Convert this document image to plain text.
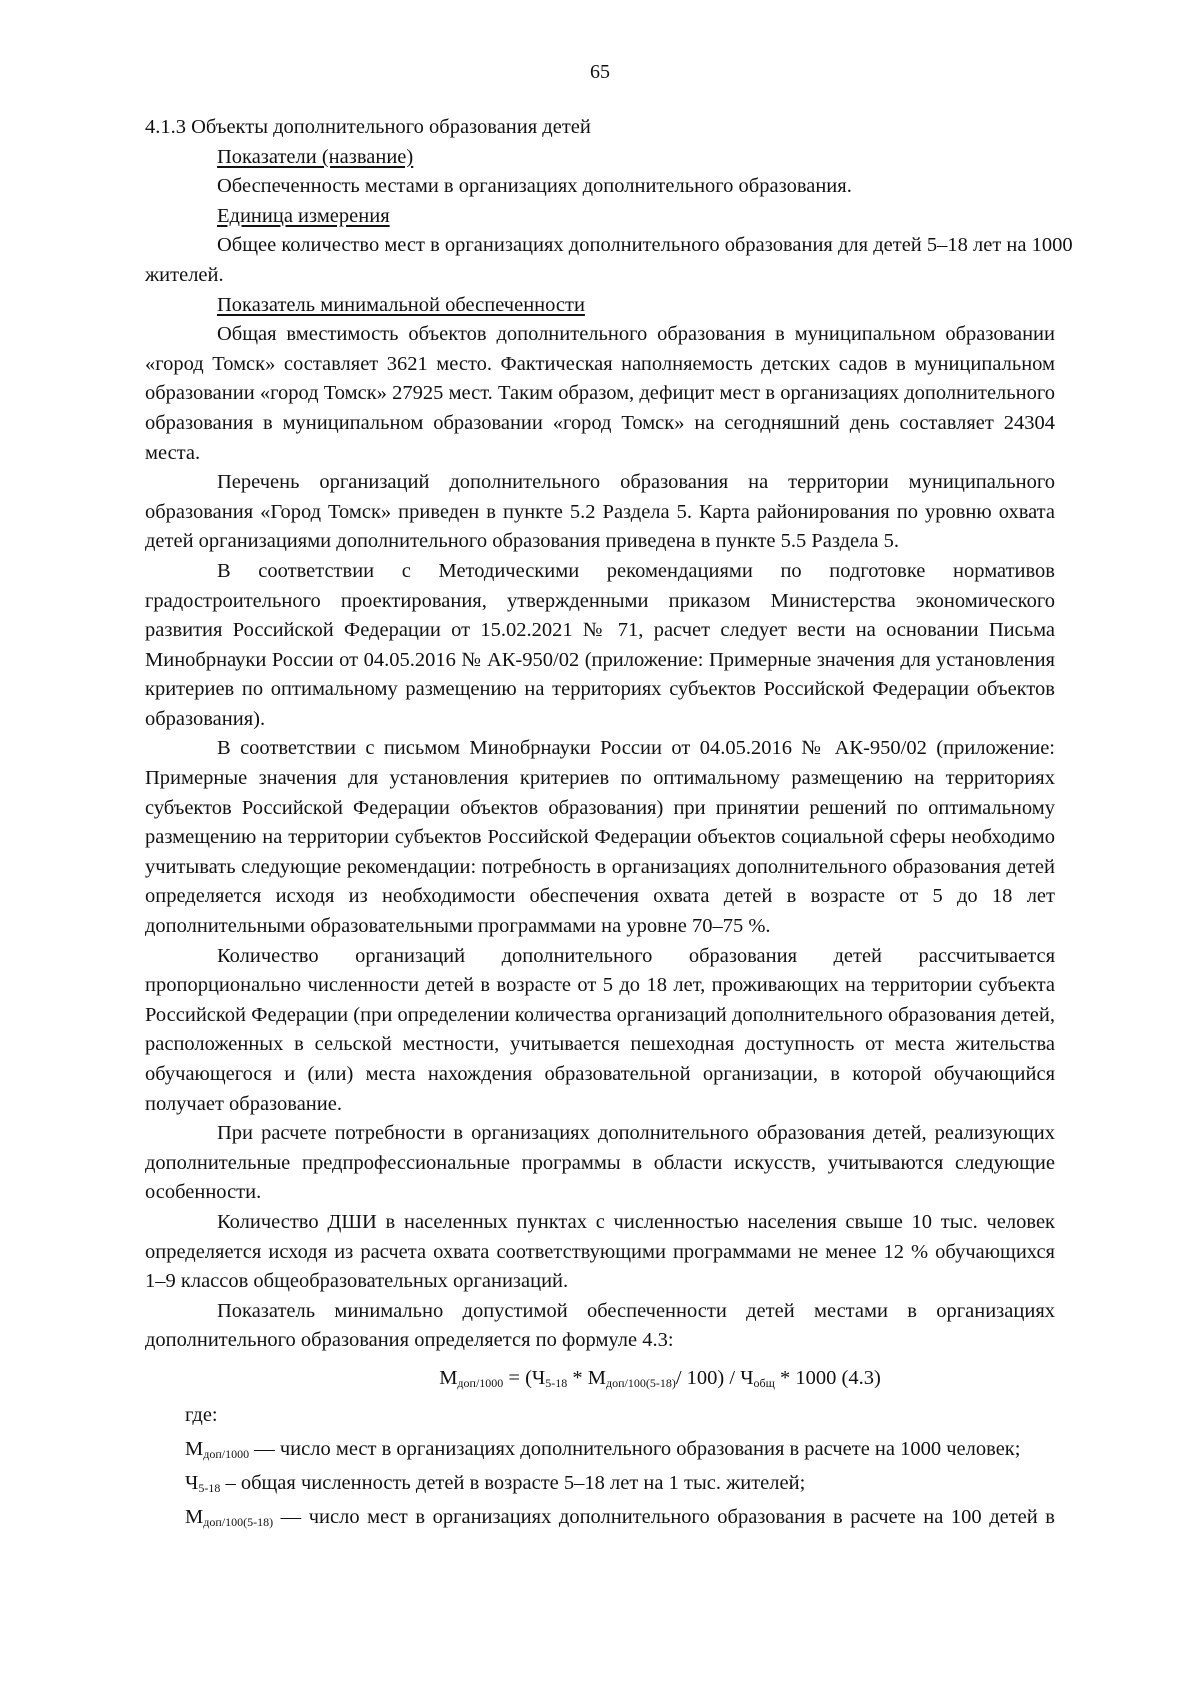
65
4.1.3 Объекты дополнительного образования детей
Показатели (название)
Обеспеченность местами в организациях дополнительного образования.
Единица измерения
Общее количество мест в организациях дополнительного образования для детей 5–18 лет на 1000
жителей.
Показатель минимальной обеспеченности

Общая вместимость объектов дополнительного образования в муниципальном образовании «город Томск» составляет 3621 место. Фактическая наполняемость детских садов в муниципальном образовании «город Томск» 27925 мест. Таким образом, дефицит мест в организациях дополнительного образования в муниципальном образовании «город Томск» на сегодняшний день составляет 24304 места.

Перечень организаций дополнительного образования на территории муниципального образования «Город Томск» приведен в пункте 5.2 Раздела 5. Карта районирования по уровню охвата детей организациями дополнительного образования приведена в пункте 5.5 Раздела 5.

В соответствии с Методическими рекомендациями по подготовке нормативов градостроительного проектирования, утвержденными приказом Министерства экономического развития Российской Федерации от 15.02.2021 № 71, расчет следует вести на основании Письма Минобрнауки России от 04.05.2016 № АК-950/02 (приложение: Примерные значения для установления критериев по оптимальному размещению на территориях субъектов Российской Федерации объектов образования).

В соответствии с письмом Минобрнауки России от 04.05.2016 № АК-950/02 (приложение: Примерные значения для установления критериев по оптимальному размещению на территориях субъектов Российской Федерации объектов образования) при принятии решений по оптимальному размещению на территории субъектов Российской Федерации объектов социальной сферы необходимо учитывать следующие рекомендации: потребность в организациях дополнительного образования детей определяется исходя из необходимости обеспечения охвата детей в возрасте от 5 до 18 лет дополнительными образовательными программами на уровне 70–75 %.

Количество организаций дополнительного образования детей рассчитывается пропорционально численности детей в возрасте от 5 до 18 лет, проживающих на территории субъекта Российской Федерации (при определении количества организаций дополнительного образования детей, расположенных в сельской местности, учитывается пешеходная доступность от места жительства обучающегося и (или) места нахождения образовательной организации, в которой обучающийся получает образование.

При расчете потребности в организациях дополнительного образования детей, реализующих дополнительные предпрофессиональные программы в области искусств, учитываются следующие особенности.

Количество ДШИ в населенных пунктах с численностью населения свыше 10 тыс. человек определяется исходя из расчета охвата соответствующими программами не менее 12 % обучающихся 1–9 классов общеобразовательных организаций.

Показатель минимально допустимой обеспеченности детей местами в организациях дополнительного образования определяется по формуле 4.3:

$М_{доп/1000} = (Ч_{5-18} * М_{доп/100(5-18)}/$ $100) / Ч_{общ} * 1000$ (4.3)
где:
$М_{доп/1000}$ — число мест в организациях дополнительного образования в расчете на 1000 человек;
$Ч_{5-18}$ – общая численность детей в возрасте 5–18 лет на 1 тыс. жителей;
$М_{доп/100(5-18)}$ — число мест в организациях дополнительного образования в расчете на 100 детей в
